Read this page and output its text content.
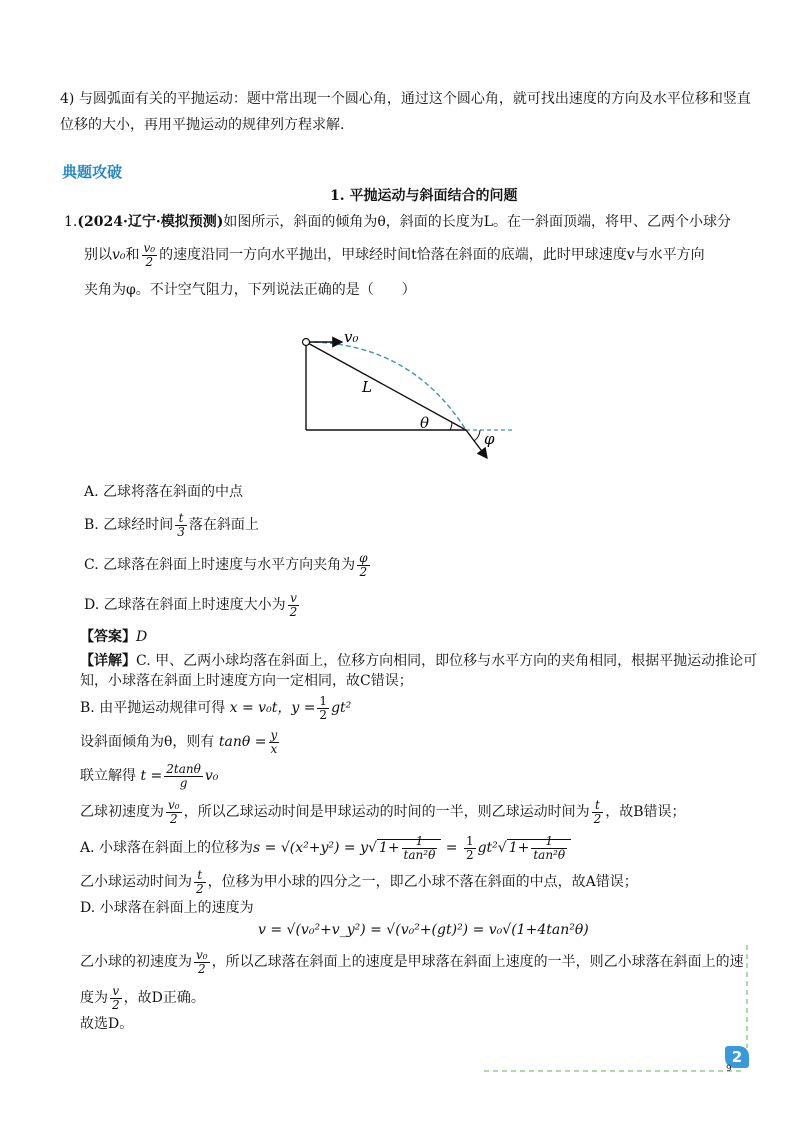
4) 与圆弧面有关的平抛运动：题中常出现一个圆心角，通过这个圆心角，就可找出速度的方向及水平位移和竖直
位移的大小，再用平抛运动的规律列方程求解.
典题攻破
1. 平抛运动与斜面结合的问题
1.(2024·辽宁·模拟预测)如图所示，斜面的倾角为θ，斜面的长度为L。在一斜面顶端，将甲、乙两个小球分
别以v₀和 $\frac{\text{v₀}}{2}$ 的速度沿同一方向水平抛出，甲球经时间t恰落在斜面的底端，此时甲球速度v与水平方向
夹角为φ。不计空气阻力，下列说法正确的是（　　）
v₀
L
θ
φ
A. 乙球将落在斜面的中点
B. 乙球经时间 $\frac{t}{3}$ 落在斜面上
C. 乙球落在斜面上时速度与水平方向夹角为 $\frac{\varphi}{2}$
D. 乙球落在斜面上时速度大小为 $\frac{v}{2}$
【答案】D
【详解】C. 甲、乙两小球均落在斜面上，位移方向相同，即位移与水平方向的夹角相同，根据平抛运动推论可
知，小球落在斜面上时速度方向一定相同，故C错误；
B. 由平抛运动规律可得 x = v₀t，$y = \frac{1}{2} gt^2$
设斜面倾角为θ，则有 $\tan\theta = \frac{y}{x}$
联立解得 $t = \frac{2\tan\theta}{g} v_0$
乙球初速度为 $\frac{\text{v₀}}{2}$ ，所以乙球运动时间是甲球运动的时间的一半，则乙球运动时间为 $\frac{t}{2}$ ，故B错误；
A. 小球落在斜面上的位移为s = √(x²+y²) = y√ $1+ \frac{1}{\text{tan²θ}} = \frac{1}{2} gt^2√$ $1+ \frac{1}{\text{tan²θ}}$
乙小球运动时间为 $\frac{t}{2}$ ，位移为甲小球的四分之一，即乙小球不落在斜面的中点，故A错误；
D. 小球落在斜面上的速度为
v = √(v₀²+v_y²) = √(v₀²+(gt)²) = v₀√(1+4tan²θ)
乙小球的初速度为 $\frac{\text{v₀}}{2}$ ，所以乙球落在斜面上的速度是甲球落在斜面上速度的一半，则乙小球落在斜面上的速
度为 $\frac{v}{2}$ ，故D正确。
故选D。
2
9
